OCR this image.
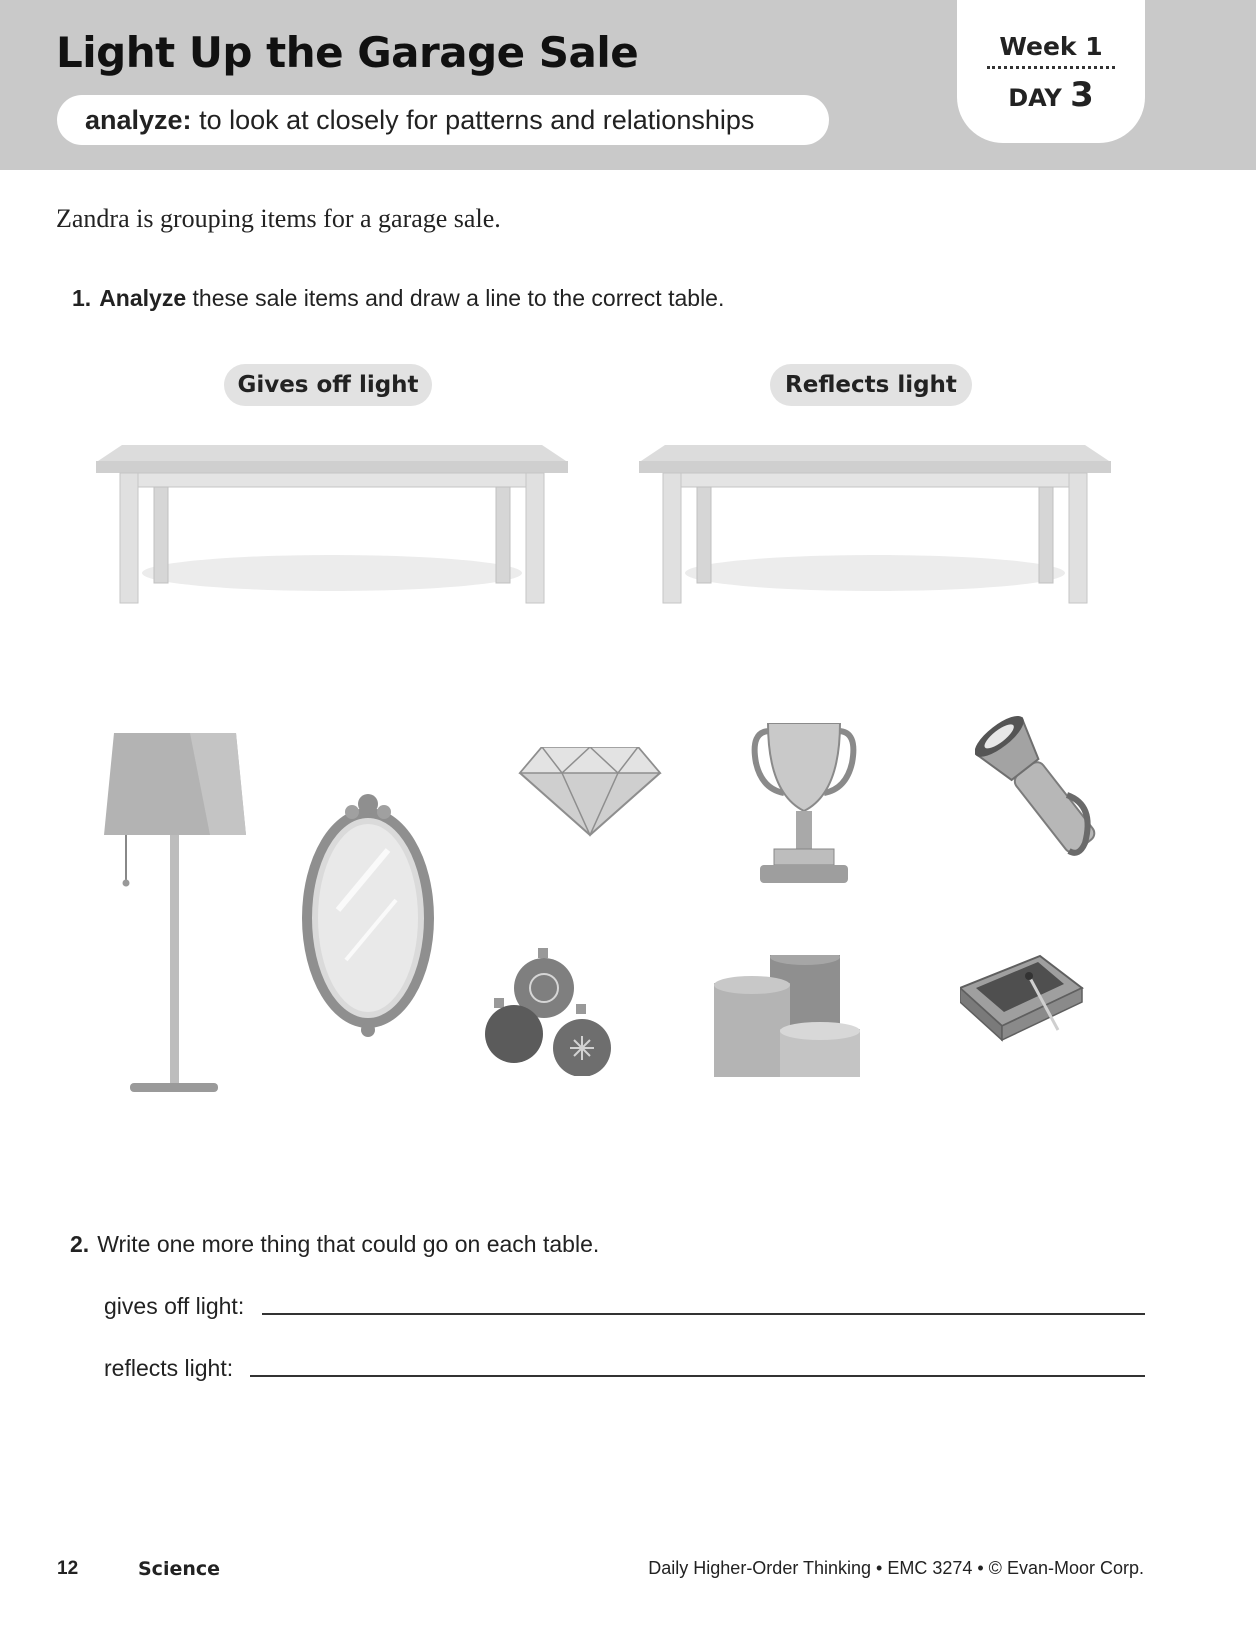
Light Up the Garage Sale
analyze: to look at closely for patterns and relationships
Week 1
DAY 3
Zandra is grouping items for a garage sale.
1. Analyze these sale items and draw a line to the correct table.
Gives off light	Reflects light
2. Write one more thing that could go on each table.
gives off light:
reflects light:
12	Science	Daily Higher-Order Thinking • EMC 3274 • © Evan-Moor Corp.
